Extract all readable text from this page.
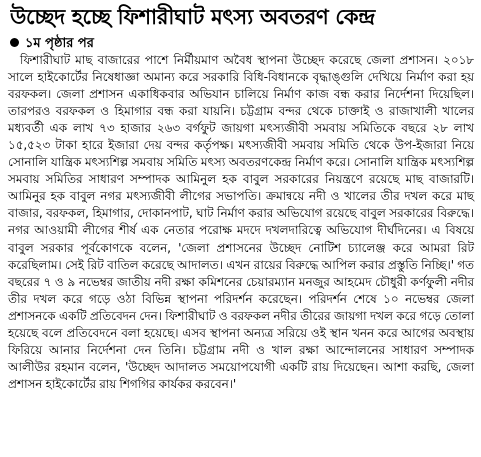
উচ্ছেদ হচ্ছে ফিশারীঘাট মৎস্য অবতরণ কেন্দ্র
১ম পৃষ্ঠার পর

ফিশারীঘাট মাছ বাজারের পাশে নির্মীয়মাণ অবৈধ স্থাপনা উচ্ছেদ করেছে জেলা প্রশাসন। ২০১৮ সালে হাইকোর্টের নিষেধাজ্ঞা অমান্য করে সরকারি বিধি-বিধানকে বৃদ্ধাঙ্গুলি দেখিয়ে নির্মাণ করা হয় বরফকল। জেলা প্রশাসন একাধিকবার অভিযান চালিয়ে নির্মাণ কাজ বন্ধ করার নির্দেশনা দিয়েছিল। তারপরও বরফকল ও হিমাগার বন্ধ করা যায়নি। চট্টগ্রাম বন্দর থেকে চাক্তাই ও রাজাখালী খালের মধ্যবর্তী এক লাখ ৭৩ হাজার ২৬৩ বর্গফুট জায়গা মৎস্যজীবী সমবায় সমিতিকে বছরে ২৮ লাখ ১৫,৫২৩ টাকা হারে ইজারা দেয় বন্দর কর্তৃপক্ষ। মৎস্যজীবী সমবায় সমিতি থেকে উপ-ইজারা নিয়ে সোনালি যান্ত্রিক মৎস্যশিল্প সমবায় সমিতি মৎস্য অবতরণকেন্দ্র নির্মাণ করে। সোনালি যান্ত্রিক মৎস্যশিল্প সমবায় সমিতির সাধারণ সম্পাদক আমিনুল হক বাবুল সরকারের নিয়ন্ত্রণে রয়েছে মাছ বাজারটি। আমিনুর হক বাবুল নগর মৎস্যজীবী লীগের সভাপতি। ক্রমান্বয়ে নদী ও খালের তীর দখল করে মাছ বাজার, বরফকল, হিমাগার, দোকানপাট, ঘাট নির্মাণ করার অভিযোগ রয়েছে বাবুল সরকারের বিরুদ্ধে। নগর আওয়ামী লীগের শীর্ষ এক নেতার পরোক্ষ মদদে দখলদারিত্বে অভিযোগ দীর্ঘদিনের। এ বিষয়ে বাবুল সরকার পূর্বকোণকে বলেন, 'জেলা প্রশাসনের উচ্ছেদ নোটিশ চ্যালেঞ্জ করে আমরা রিট করেছিলাম। সেই রিট বাতিল করেছে আদালত। এখন রায়ের বিরুদ্ধে আপিল করার প্রস্তুতি নিচ্ছি।' গত বছরের ৭ ও ৯ নভেম্বর জাতীয় নদী রক্ষা কমিশনের চেয়ারম্যান মনজুর আহমেদ চৌধুরী কর্ণফুলী নদীর তীর দখল করে গড়ে ওঠা বিভিন্ন স্থাপনা পরিদর্শন করেছেন। পরিদর্শন শেষে ১০ নভেম্বর জেলা প্রশাসনকে একটি প্রতিবেদন দেন। ফিশারীঘাট ও বরফকল নদীর তীরের জায়গা দখল করে গড়ে তোলা হয়েছে বলে প্রতিবেদনে বলা হয়েছে। এসব স্থাপনা অন্যত্র সরিয়ে ওই স্থান খনন করে আগের অবস্থায় ফিরিয়ে আনার নির্দেশনা দেন তিনি। চট্টগ্রাম নদী ও খাল রক্ষা আন্দোলনের সাধারণ সম্পাদক আলীউর রহমান বলেন, 'উচ্ছেদ আদালত সময়োপযোগী একটি রায় দিয়েছেন। আশা করছি, জেলা প্রশাসন হাইকোর্টের রায় শিগগির কার্যকর করবেন।'
